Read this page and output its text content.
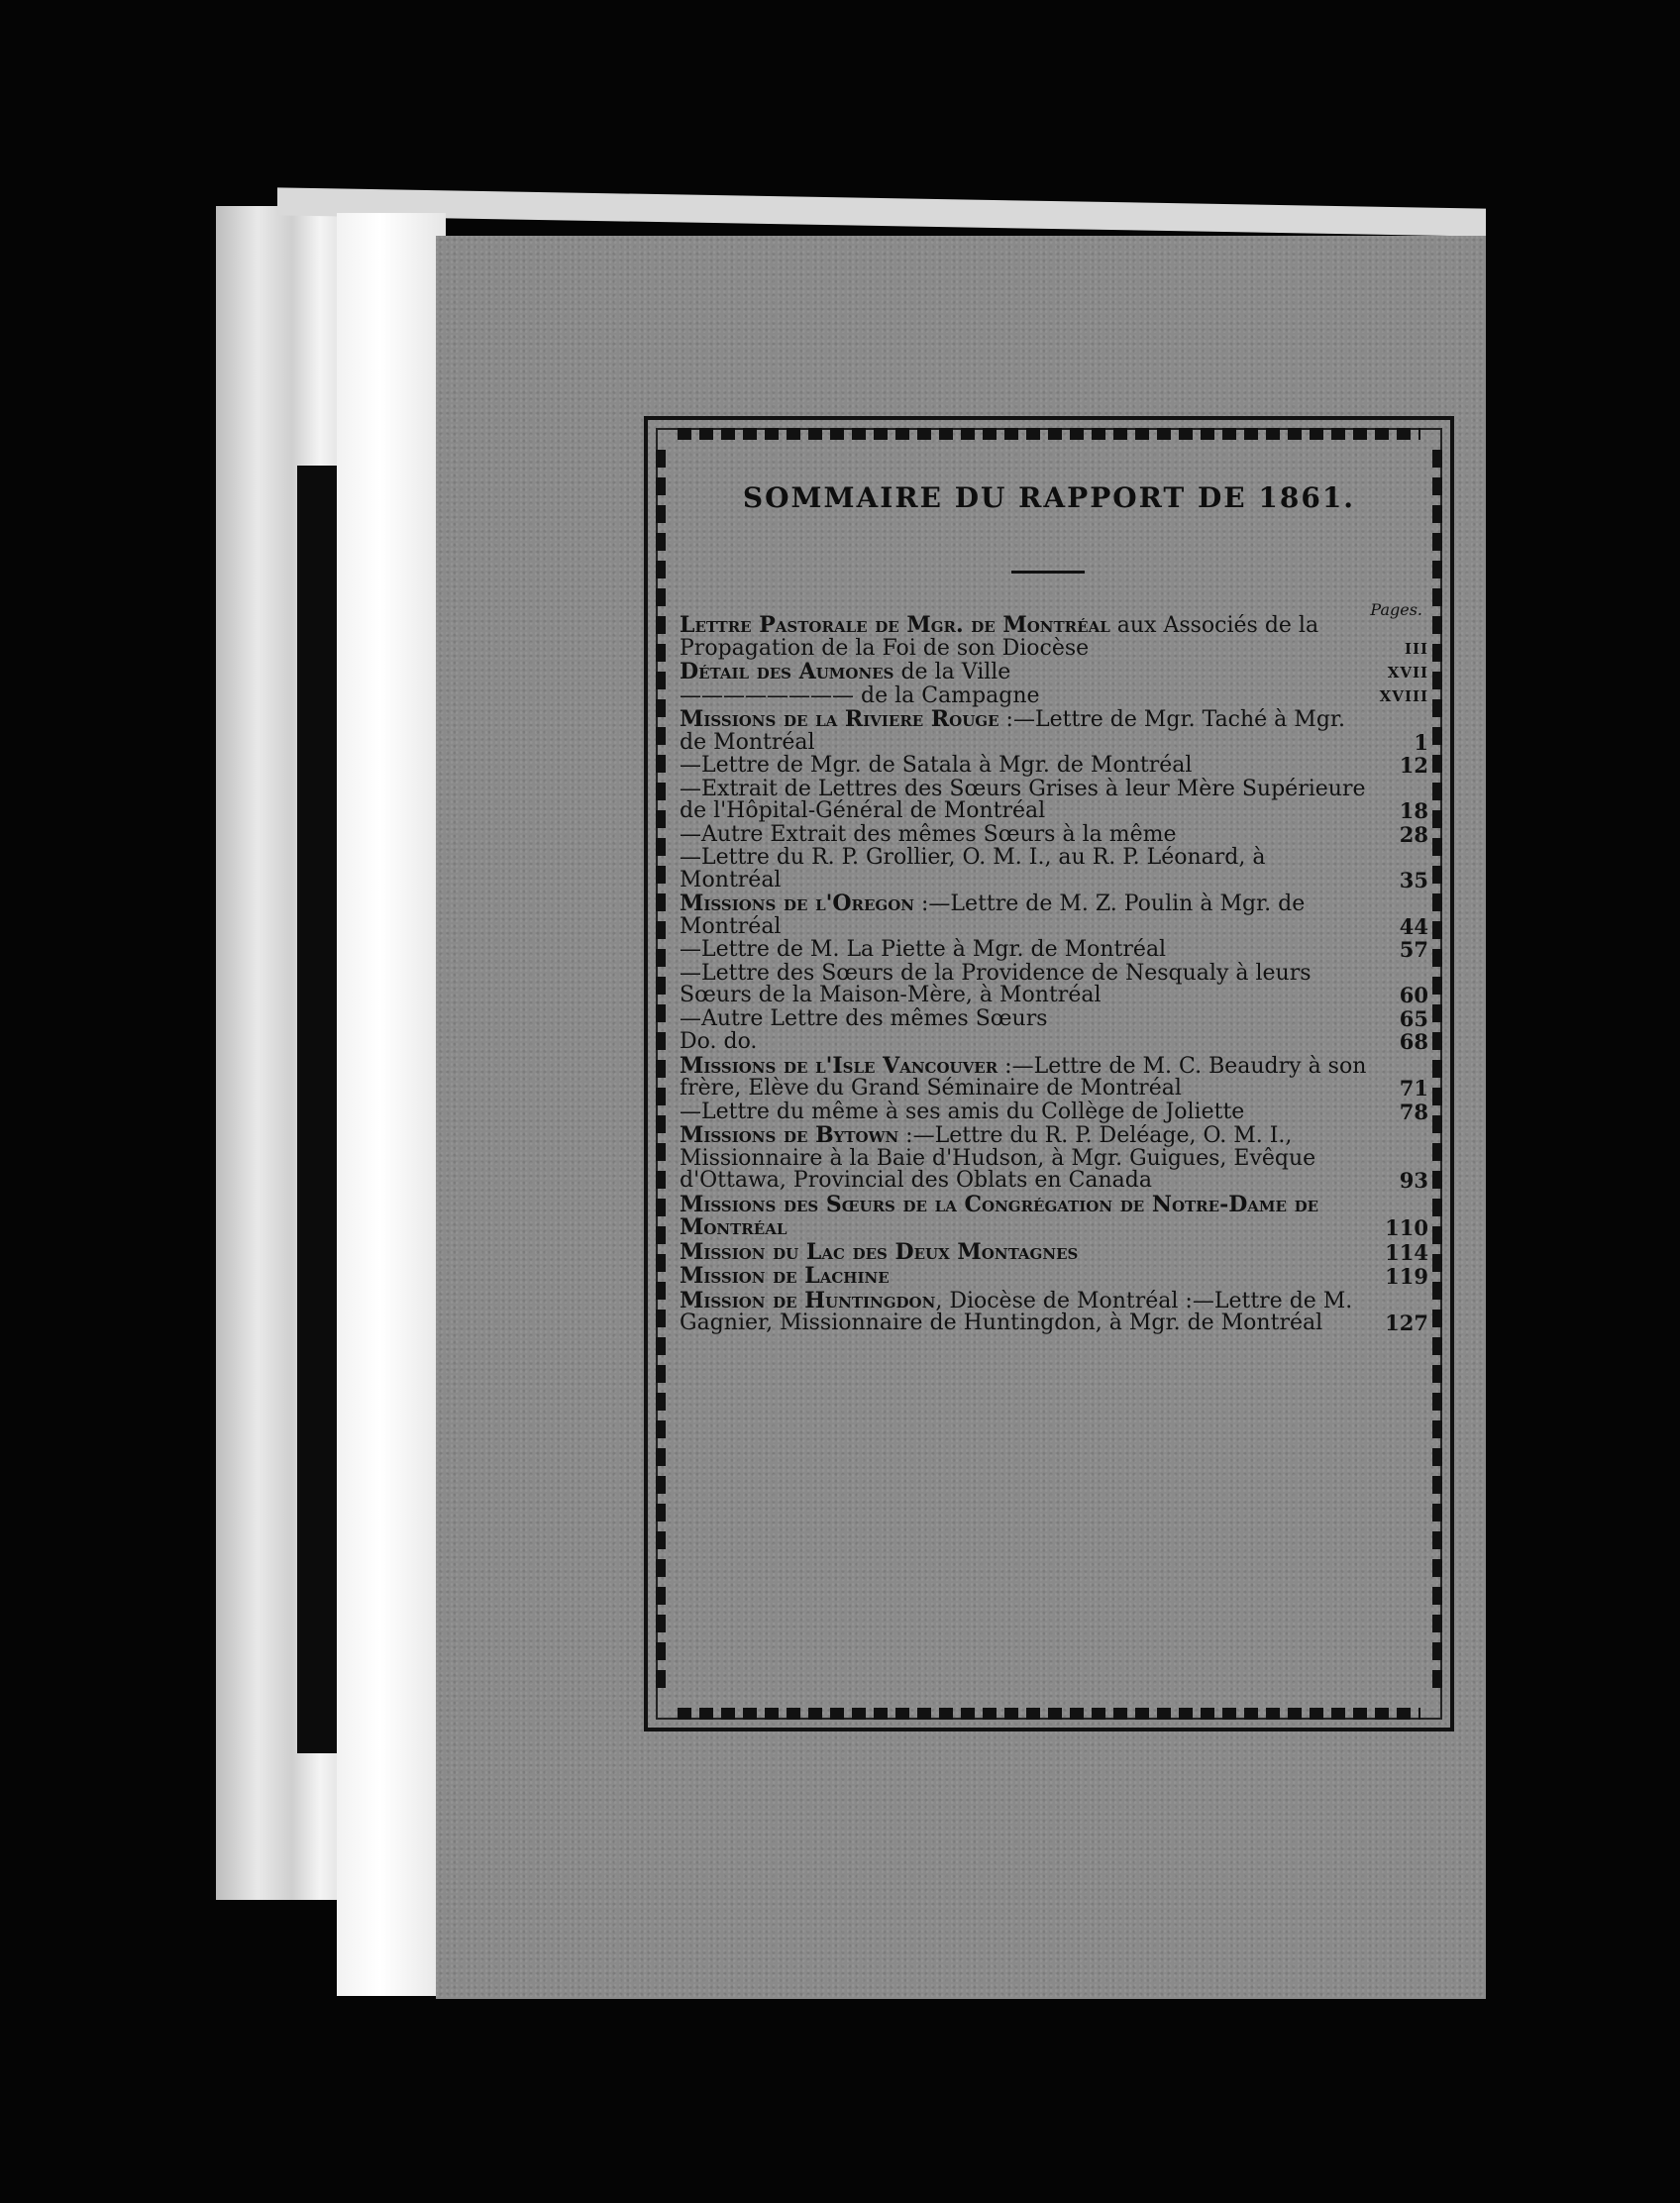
SOMMAIRE DU RAPPORT DE 1861.
Pages.
Lettre Pastorale de Mgr. de Montréal aux Associés de la Propagation de la Foi de son Diocèse	III
Détail des Aumones de la Ville	XVII
———————— de la Campagne	XVIII
Missions de la Riviere Rouge :—Lettre de Mgr. Taché à Mgr. de Montréal	1
—Lettre de Mgr. de Satala à Mgr. de Montréal	12
—Extrait de Lettres des Sœurs Grises à leur Mère Supérieure de l'Hôpital-Général de Montréal	18
—Autre Extrait des mêmes Sœurs à la même	28
—Lettre du R. P. Grollier, O. M. I., au R. P. Léonard, à Montréal	35
Missions de l'Oregon :—Lettre de M. Z. Poulin à Mgr. de Montréal	44
—Lettre de M. La Piette à Mgr. de Montréal	57
—Lettre des Sœurs de la Providence de Nesqualy à leurs Sœurs de la Maison-Mère, à Montréal	60
—Autre Lettre des mêmes Sœurs	65
Do. do.	68
Missions de l'Isle Vancouver :—Lettre de M. C. Beaudry à son frère, Elève du Grand Séminaire de Montréal	71
—Lettre du même à ses amis du Collège de Joliette	78
Missions de Bytown :—Lettre du R. P. Deléage, O. M. I., Missionnaire à la Baie d'Hudson, à Mgr. Guigues, Evêque d'Ottawa, Provincial des Oblats en Canada	93
Missions des Sœurs de la Congrégation de Notre-Dame de Montréal	110
Mission du Lac des Deux Montagnes	114
Mission de Lachine	119
Mission de Huntingdon, Diocèse de Montréal :—Lettre de M. Gagnier, Missionnaire de Huntingdon, à Mgr. de Montréal	127
